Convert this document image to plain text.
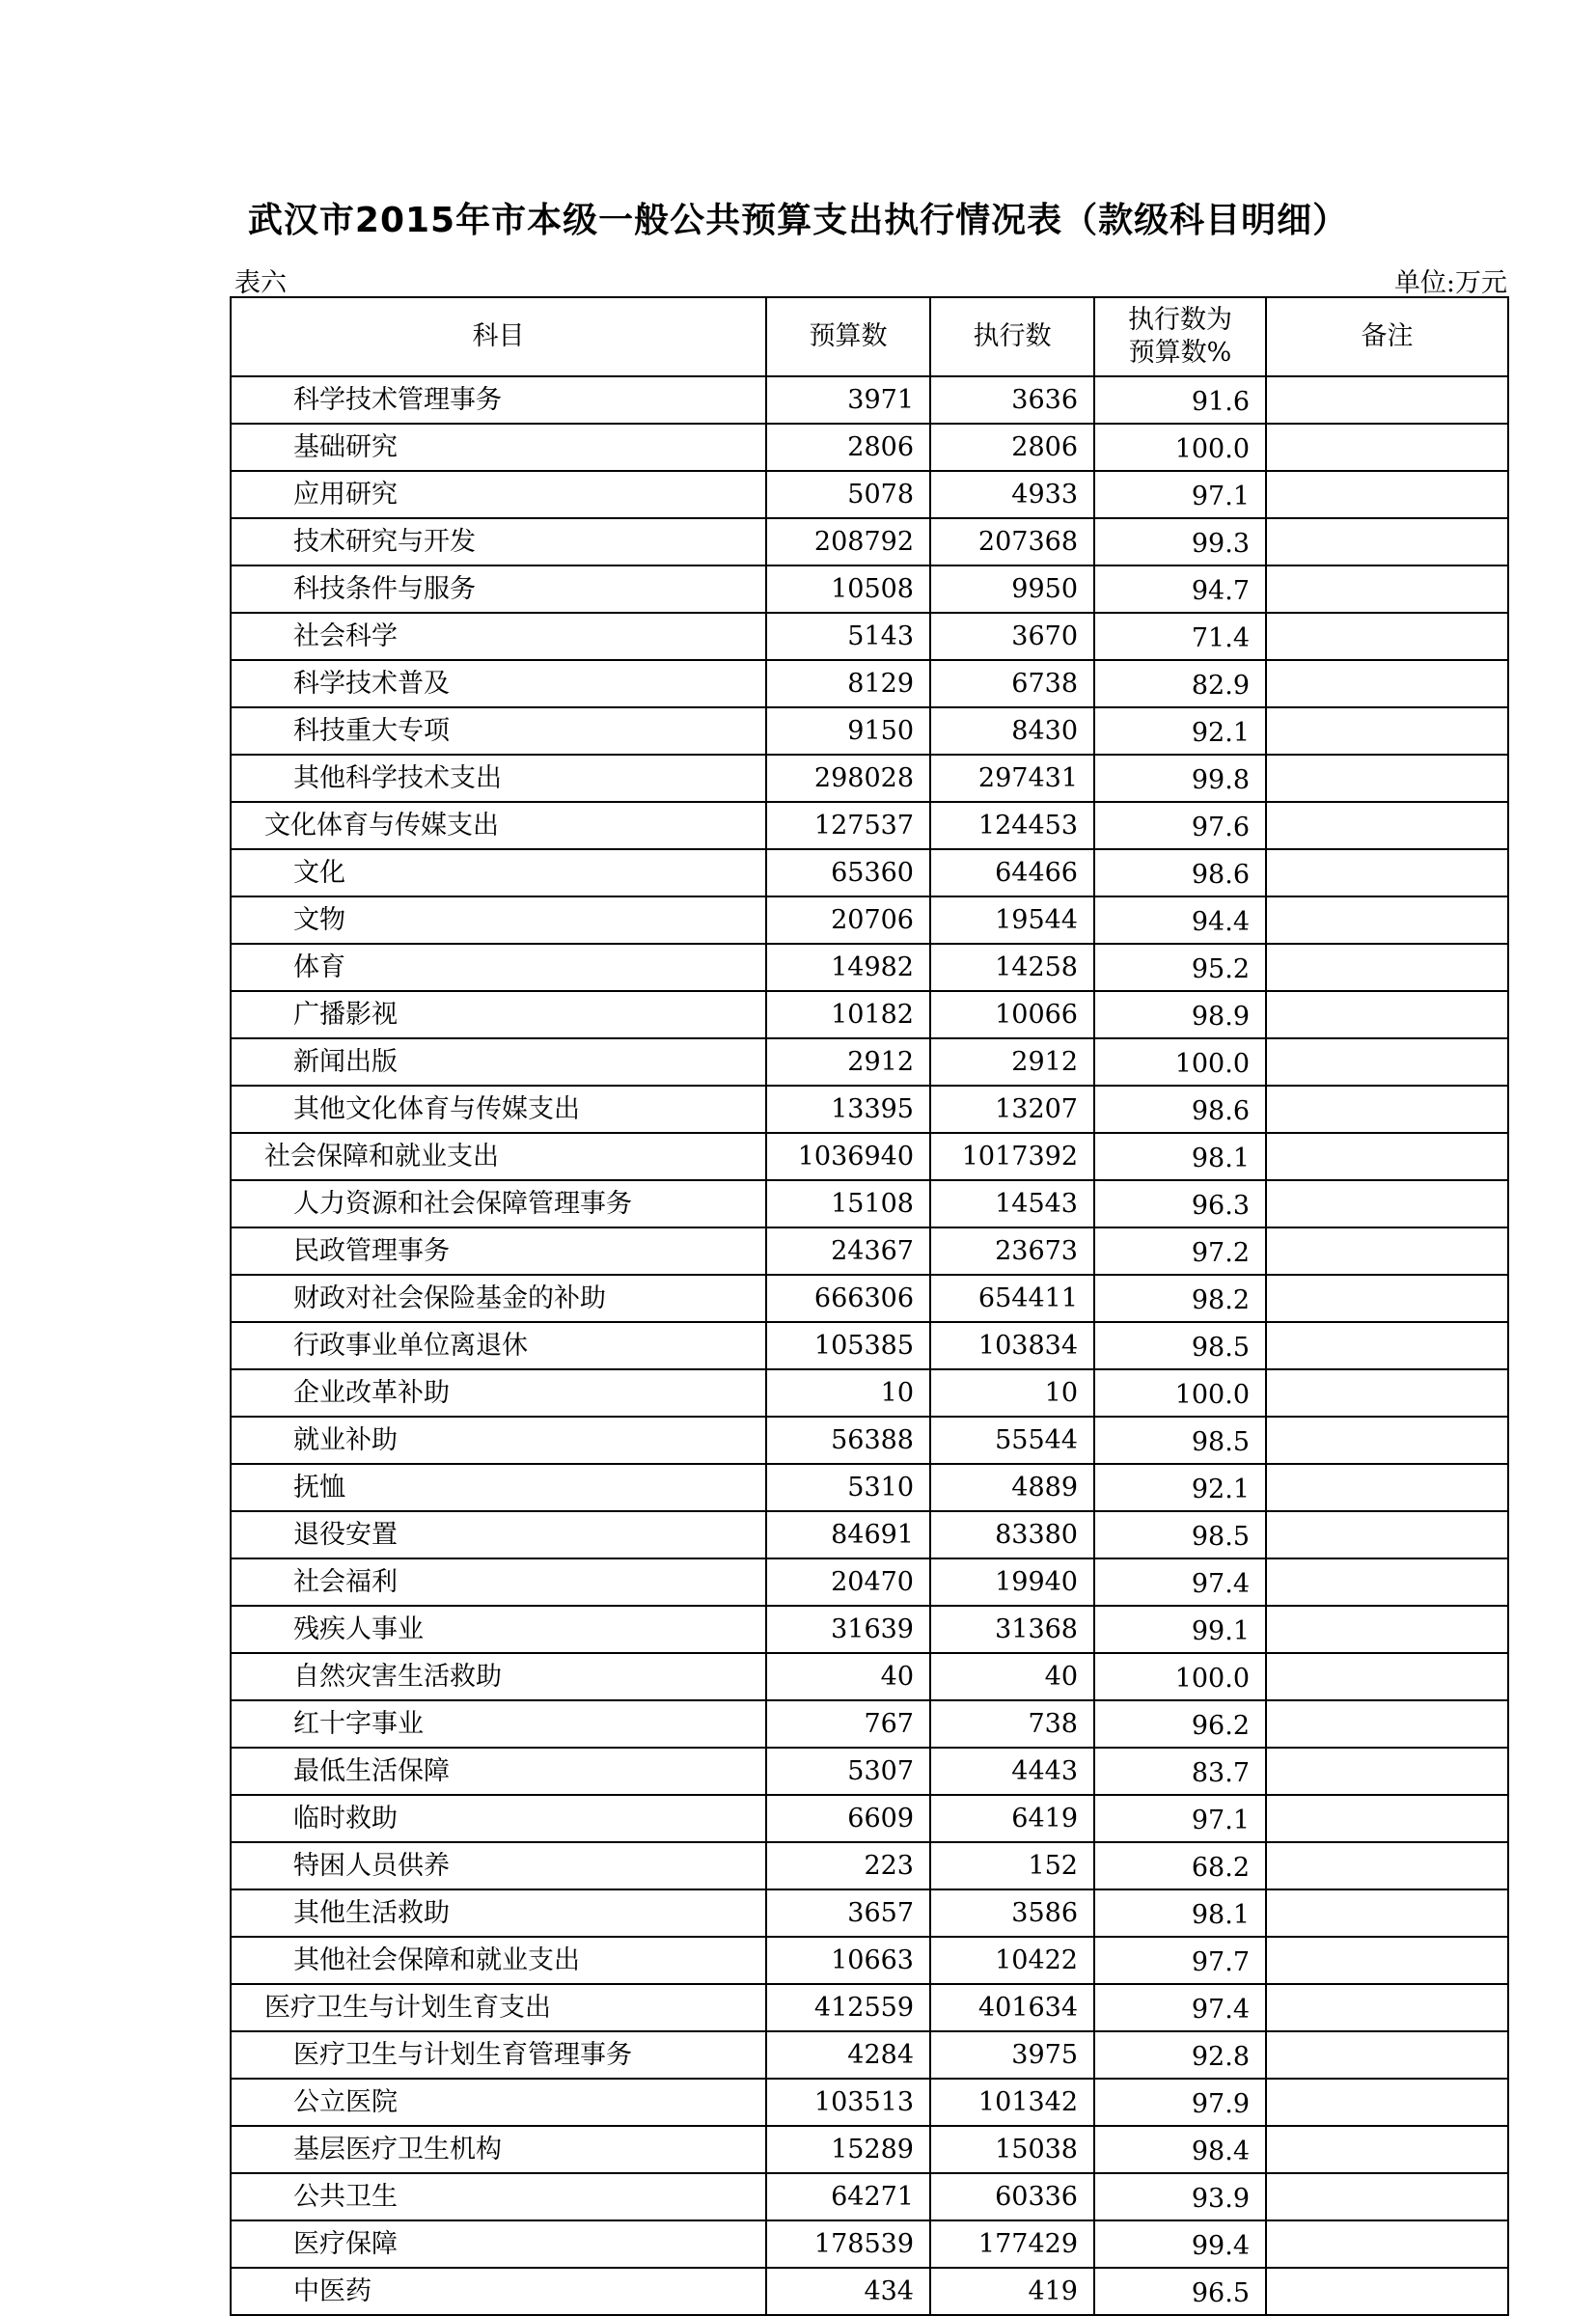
武汉市2015年市本级一般公共预算支出执行情况表（款级科目明细）
表六	单位:万元
科目	预算数	执行数	执行数为预算数%	备注
科学技术管理事务	3971	3636	91.6	
基础研究	2806	2806	100.0	
应用研究	5078	4933	97.1	
技术研究与开发	208792	207368	99.3	
科技条件与服务	10508	9950	94.7	
社会科学	5143	3670	71.4	
科学技术普及	8129	6738	82.9	
科技重大专项	9150	8430	92.1	
其他科学技术支出	298028	297431	99.8	
文化体育与传媒支出	127537	124453	97.6	
文化	65360	64466	98.6	
文物	20706	19544	94.4	
体育	14982	14258	95.2	
广播影视	10182	10066	98.9	
新闻出版	2912	2912	100.0	
其他文化体育与传媒支出	13395	13207	98.6	
社会保障和就业支出	1036940	1017392	98.1	
人力资源和社会保障管理事务	15108	14543	96.3	
民政管理事务	24367	23673	97.2	
财政对社会保险基金的补助	666306	654411	98.2	
行政事业单位离退休	105385	103834	98.5	
企业改革补助	10	10	100.0	
就业补助	56388	55544	98.5	
抚恤	5310	4889	92.1	
退役安置	84691	83380	98.5	
社会福利	20470	19940	97.4	
残疾人事业	31639	31368	99.1	
自然灾害生活救助	40	40	100.0	
红十字事业	767	738	96.2	
最低生活保障	5307	4443	83.7	
临时救助	6609	6419	97.1	
特困人员供养	223	152	68.2	
其他生活救助	3657	3586	98.1	
其他社会保障和就业支出	10663	10422	97.7	
医疗卫生与计划生育支出	412559	401634	97.4	
医疗卫生与计划生育管理事务	4284	3975	92.8	
公立医院	103513	101342	97.9	
基层医疗卫生机构	15289	15038	98.4	
公共卫生	64271	60336	93.9	
医疗保障	178539	177429	99.4	
中医药	434	419	96.5	
